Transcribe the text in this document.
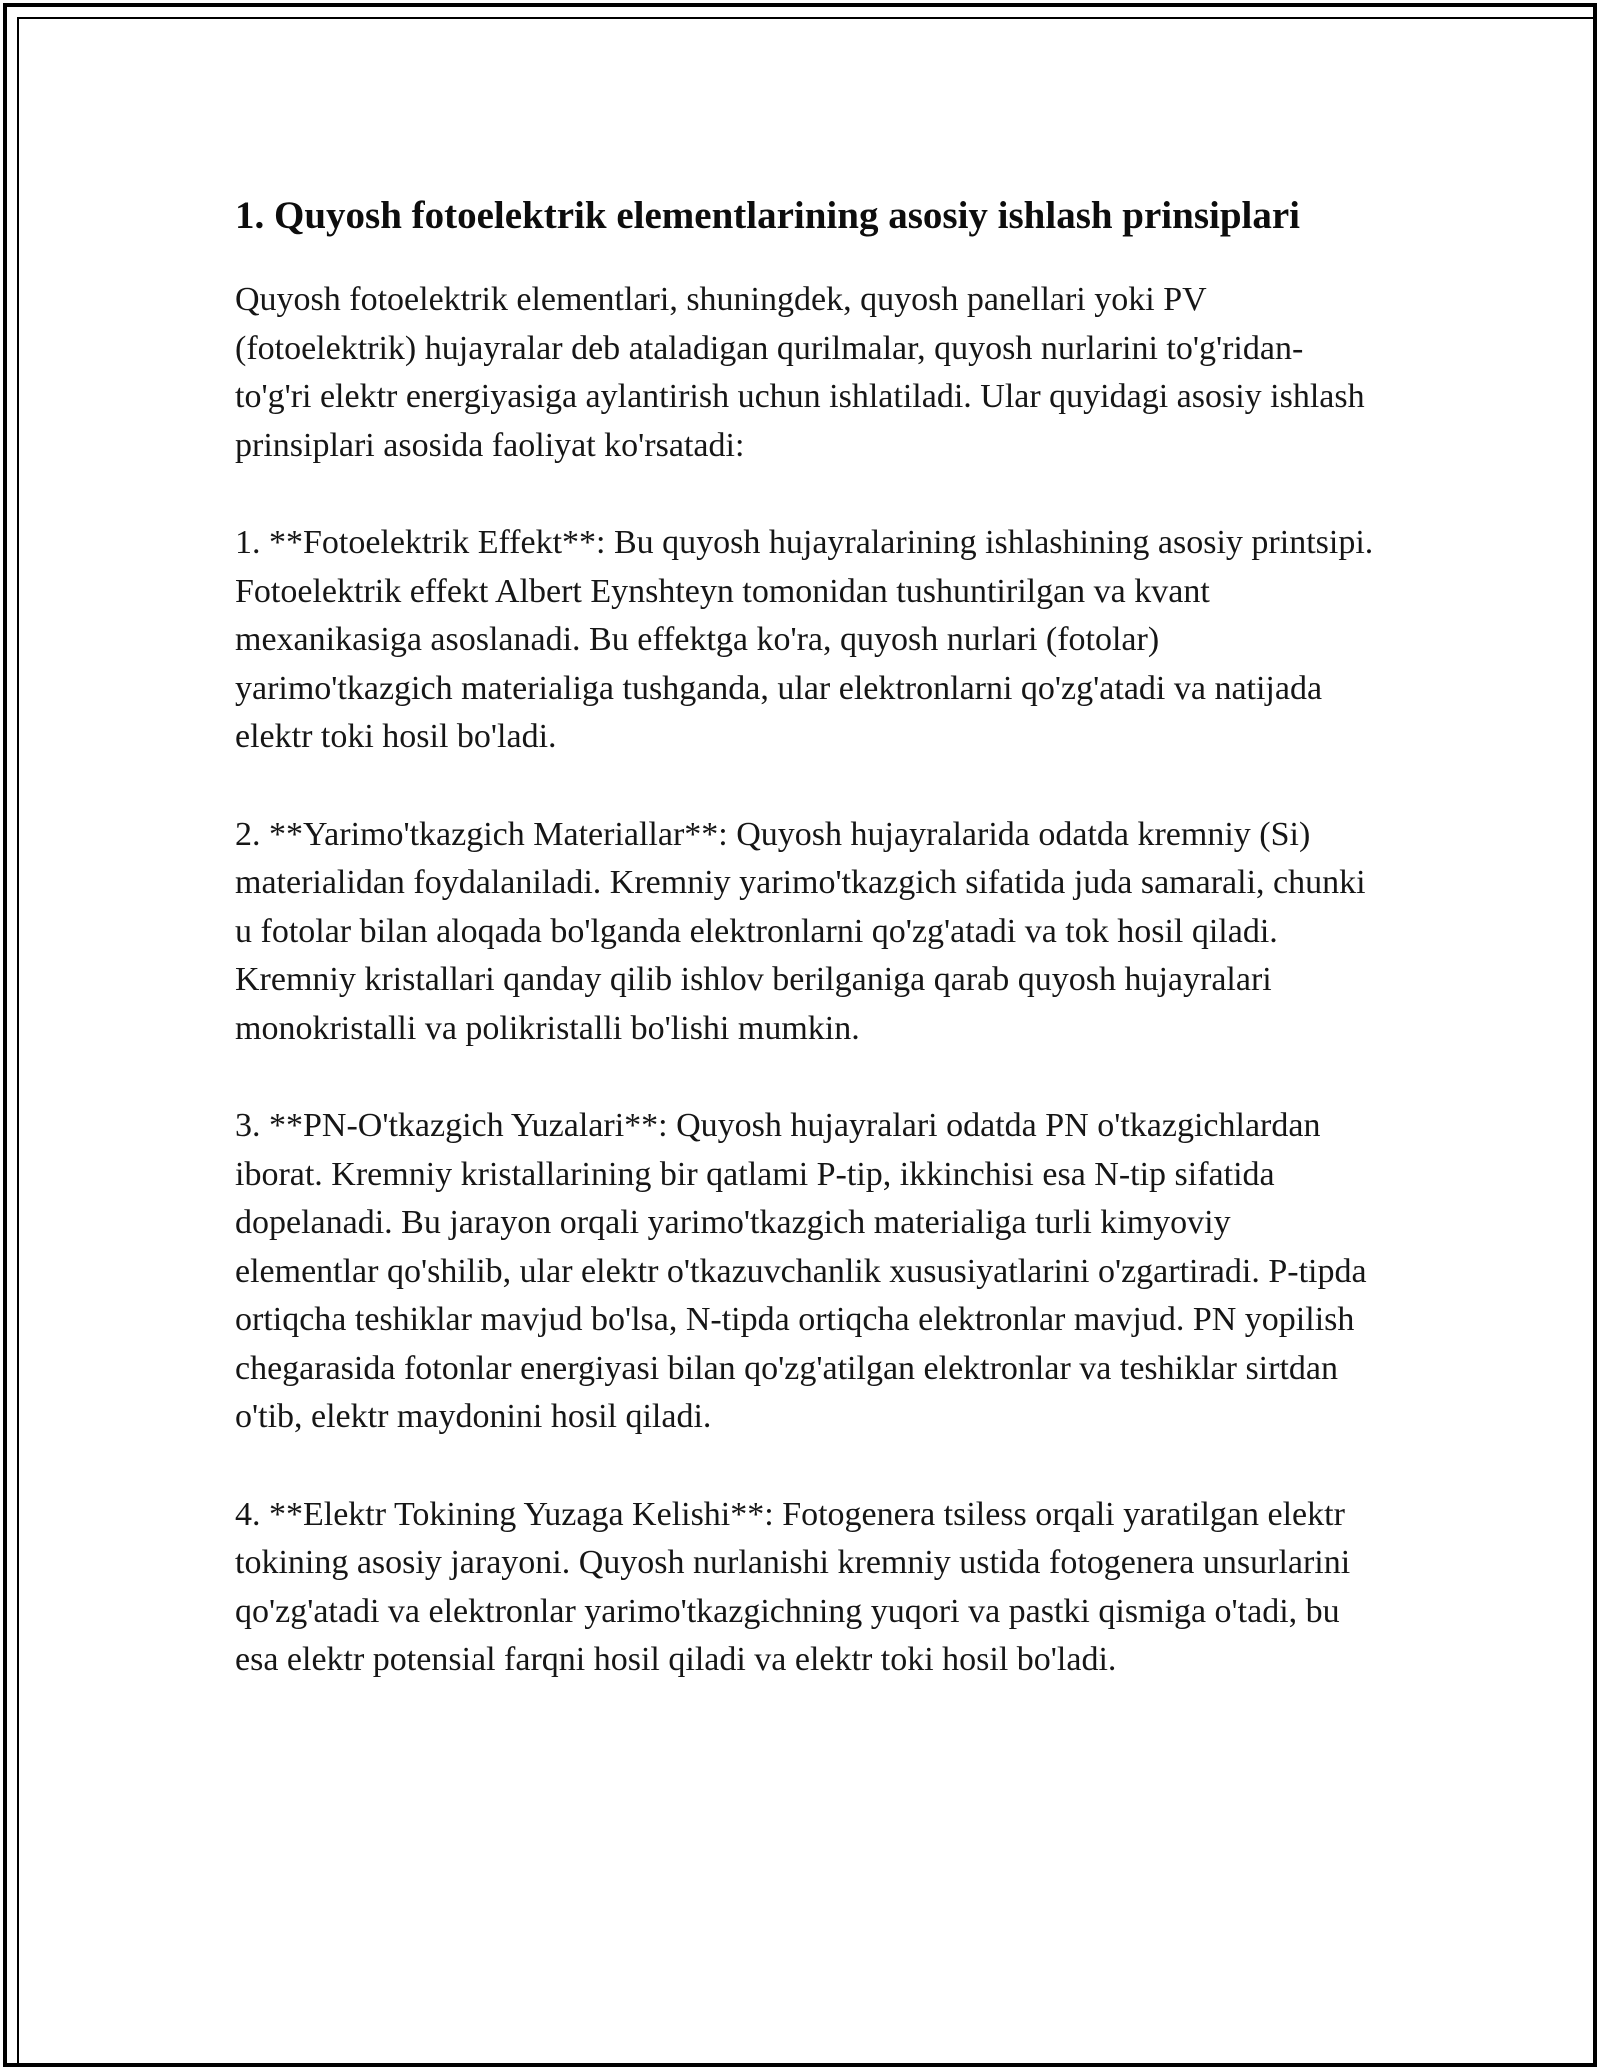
1. Quyosh fotoelektrik elementlarining asosiy ishlash prinsiplari

Quyosh fotoelektrik elementlari, shuningdek, quyosh panellari yoki PV (fotoelektrik) hujayralar deb ataladigan qurilmalar, quyosh nurlarini to'g'ridan-to'g'ri elektr energiyasiga aylantirish uchun ishlatiladi. Ular quyidagi asosiy ishlash prinsiplari asosida faoliyat ko'rsatadi:

1. **Fotoelektrik Effekt**: Bu quyosh hujayralarining ishlashining asosiy printsipi. Fotoelektrik effekt Albert Eynshteyn tomonidan tushuntirilgan va kvant mexanikasiga asoslanadi. Bu effektga ko'ra, quyosh nurlari (fotolar) yarimo'tkazgich materialiga tushganda, ular elektronlarni qo'zg'atadi va natijada elektr toki hosil bo'ladi.

2. **Yarimo'tkazgich Materiallar**: Quyosh hujayralarida odatda kremniy (Si) materialidan foydalaniladi. Kremniy yarimo'tkazgich sifatida juda samarali, chunki u fotolar bilan aloqada bo'lganda elektronlarni qo'zg'atadi va tok hosil qiladi. Kremniy kristallari qanday qilib ishlov berilganiga qarab quyosh hujayralari monokristalli va polikristalli bo'lishi mumkin.

3. **PN-O'tkazgich Yuzalari**: Quyosh hujayralari odatda PN o'tkazgichlardan iborat. Kremniy kristallarining bir qatlami P-tip, ikkinchisi esa N-tip sifatida dopelanadi. Bu jarayon orqali yarimo'tkazgich materialiga turli kimyoviy elementlar qo'shilib, ular elektr o'tkazuvchanlik xususiyatlarini o'zgartiradi. P-tipda ortiqcha teshiklar mavjud bo'lsa, N-tipda ortiqcha elektronlar mavjud. PN yopilish chegarasida fotonlar energiyasi bilan qo'zg'atilgan elektronlar va teshiklar sirtdan o'tib, elektr maydonini hosil qiladi.

4. **Elektr Tokining Yuzaga Kelishi**: Fotogenera tsiless orqali yaratilgan elektr tokining asosiy jarayoni. Quyosh nurlanishi kremniy ustida fotogenera unsurlarini qo'zg'atadi va elektronlar yarimo'tkazgichning yuqori va pastki qismiga o'tadi, bu esa elektr potensial farqni hosil qiladi va elektr toki hosil bo'ladi.
